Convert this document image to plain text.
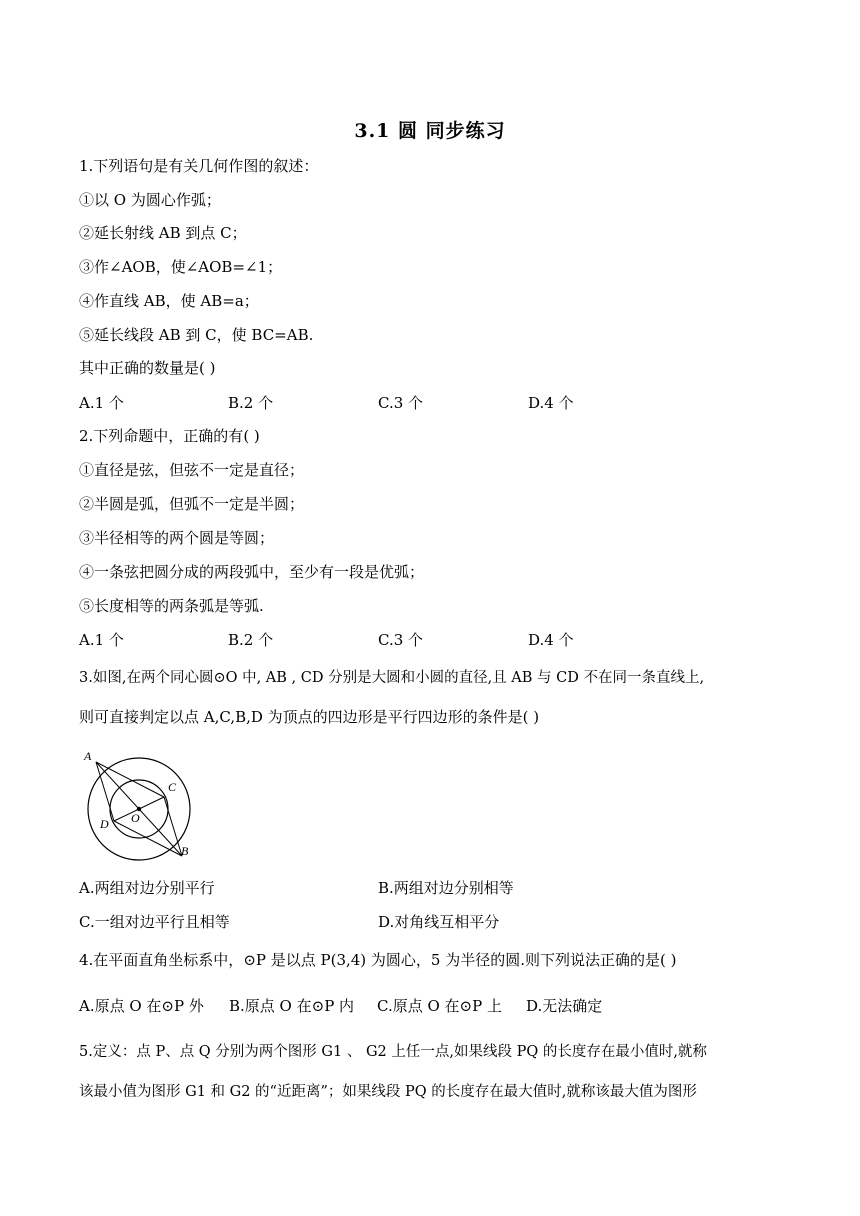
3.1 圆 同步练习
1.下列语句是有关几何作图的叙述：
①以 O 为圆心作弧；
②延长射线 AB 到点 C；
③作∠AOB，使∠AOB=∠1；
④作直线 AB，使 AB=a；
⑤延长线段 AB 到 C，使 BC=AB.
其中正确的数量是( )
A.1 个	B.2 个	C.3 个	D.4 个
2.下列命题中，正确的有( )
①直径是弦，但弦不一定是直径；
②半圆是弧，但弧不一定是半圆；
③半径相等的两个圆是等圆；
④一条弦把圆分成的两段弧中，至少有一段是优弧；
⑤长度相等的两条弧是等弧.
A.1 个	B.2 个	C.3 个	D.4 个
3.如图,在两个同心圆⊙O 中, AB , CD 分别是大圆和小圆的直径,且 AB 与 CD 不在同一条直线上,
则可直接判定以点 A,C,B,D 为顶点的四边形是平行四边形的条件是( )
A
C
D O
B
A.两组对边分别平行	B.两组对边分别相等
C.一组对边平行且相等	D.对角线互相平分
4.在平面直角坐标系中，⊙P 是以点 P(3,4) 为圆心，5 为半径的圆.则下列说法正确的是( )
A.原点 O 在⊙P 外 B.原点 O 在⊙P 内 C.原点 O 在⊙P 上 D.无法确定
5.定义：点 P、点 Q 分别为两个图形 G1 、 G2 上任一点,如果线段 PQ 的长度存在最小值时,就称
该最小值为图形 G1 和 G2 的“近距离”；如果线段 PQ 的长度存在最大值时,就称该最大值为图形
